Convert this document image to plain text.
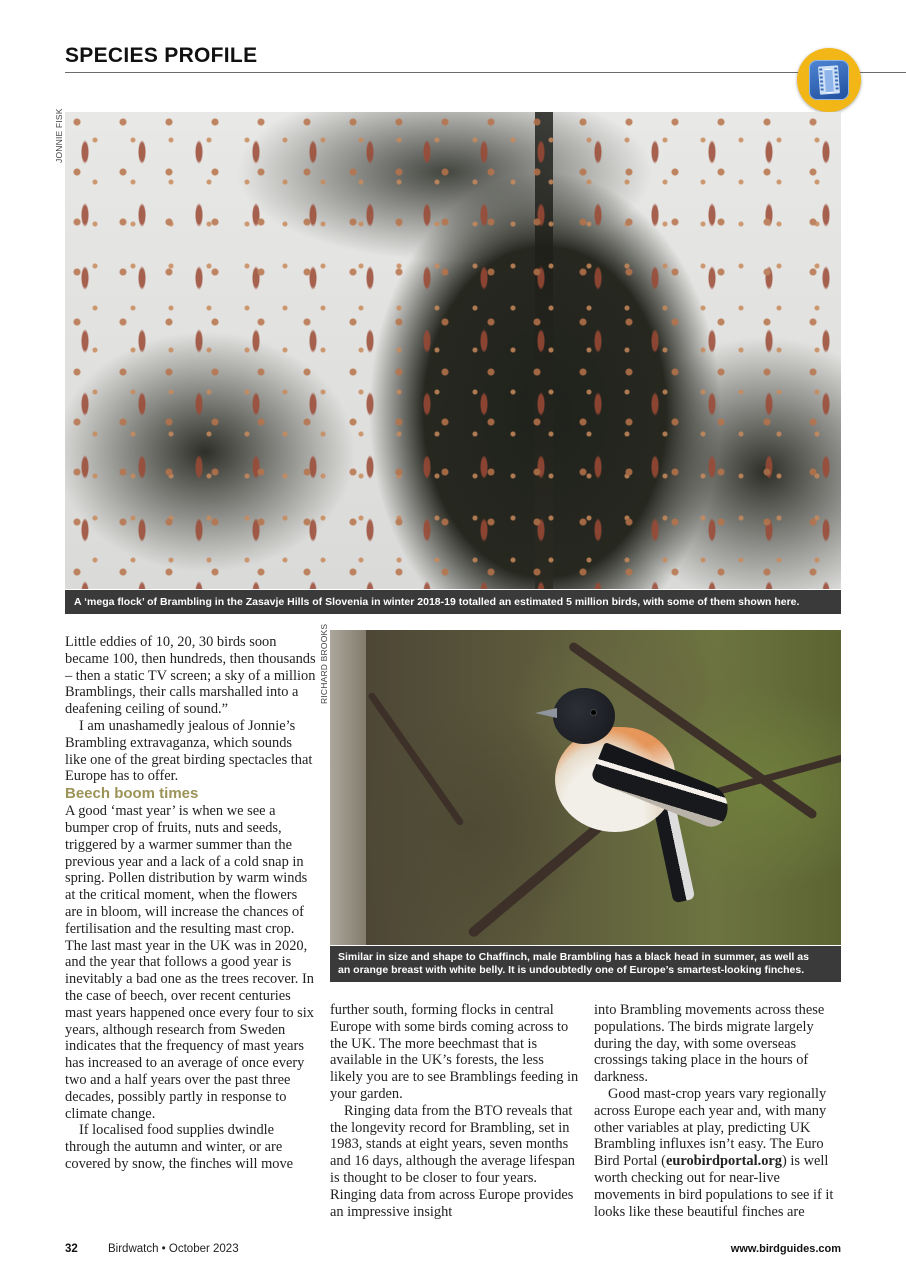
SPECIES PROFILE
JONNIE FISK
A ‘mega flock’ of Brambling in the Zasavje Hills of Slovenia in winter 2018-19 totalled an estimated 5 million birds, with some of them shown here.
RICHARD BROOKS
Similar in size and shape to Chaffinch, male Brambling has a black head in summer, as well as
an orange breast with white belly. It is undoubtedly one of Europe’s smartest-looking finches.

Little eddies of 10, 20, 30 birds soon became 100, then hundreds, then thousands – then a static TV screen; a sky of a million Bramblings, their calls marshalled into a deafening ceiling of sound.”

I am unashamedly jealous of Jonnie’s Brambling extravaganza, which sounds like one of the great birding spectacles that Europe has to offer.

Beech boom times

A good ‘mast year’ is when we see a bumper crop of fruits, nuts and seeds, triggered by a warmer summer than the previous year and a lack of a cold snap in spring. Pollen distribution by warm winds at the critical moment, when the flowers are in bloom, will increase the chances of fertilisation and the resulting mast crop. The last mast year in the UK was in 2020, and the year that follows a good year is inevitably a bad one as the trees recover. In the case of beech, over recent centuries mast years happened once every four to six years, although research from Sweden indicates that the frequency of mast years has increased to an average of once every two and a half years over the past three decades, possibly partly in response to climate change.

If localised food supplies dwindle through the autumn and winter, or are covered by snow, the finches will move

further south, forming flocks in central Europe with some birds coming across to the UK. The more beechmast that is available in the UK’s forests, the less likely you are to see Bramblings feeding in your garden.

Ringing data from the BTO reveals that the longevity record for Brambling, set in 1983, stands at eight years, seven months and 16 days, although the average lifespan is thought to be closer to four years. Ringing data from across Europe provides an impressive insight

into Brambling movements across these populations. The birds migrate largely during the day, with some overseas crossings taking place in the hours of darkness.

Good mast-crop years vary regionally across Europe each year and, with many other variables at play, predicting UK Brambling influxes isn’t easy. The Euro Bird Portal (eurobirdportal.org) is well worth checking out for near-live movements in bird populations to see if it looks like these beautiful finches are

32	Birdwatch • October 2023	www.birdguides.com
